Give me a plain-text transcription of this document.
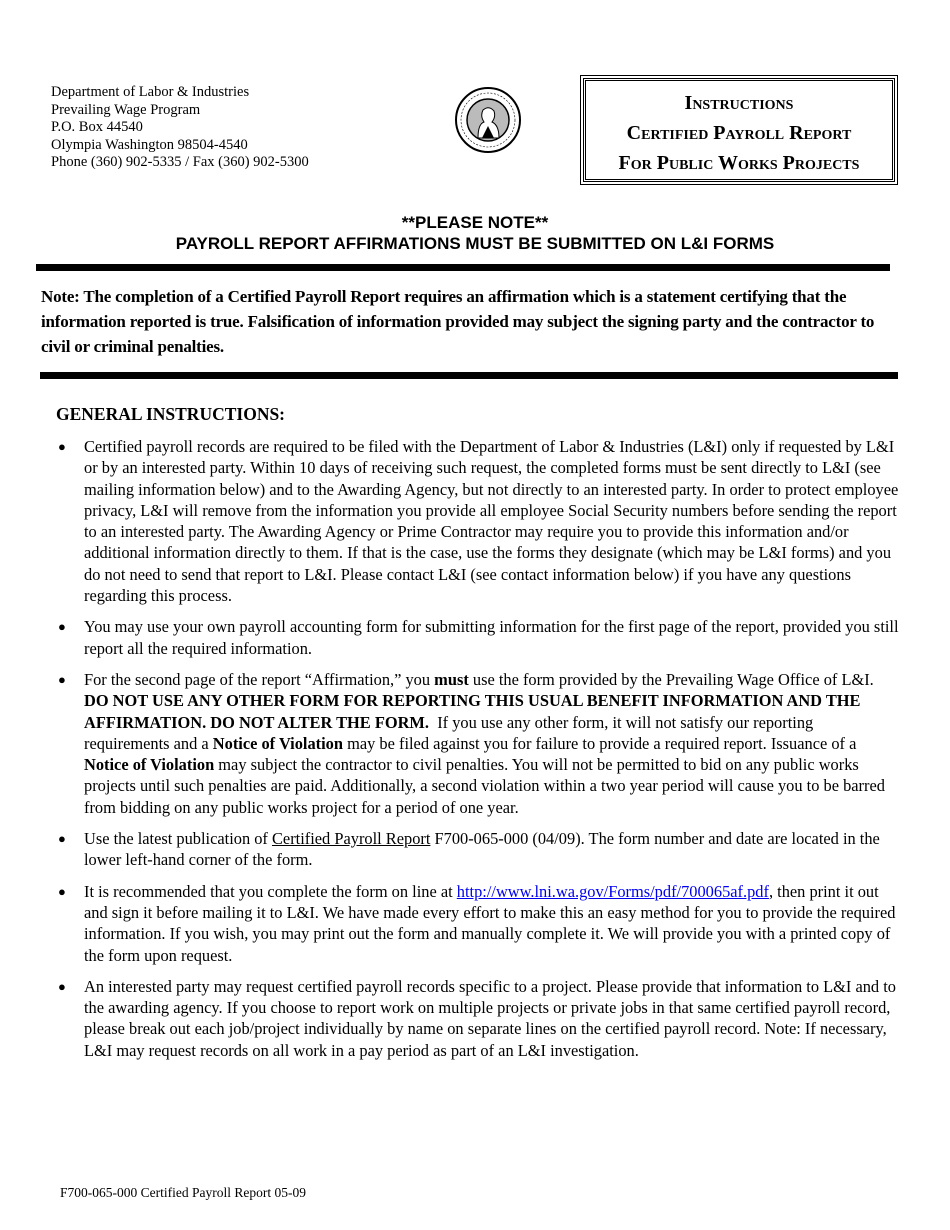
Department of Labor & Industries
Prevailing Wage Program
P.O. Box 44540
Olympia Washington 98504-4540
Phone (360) 902-5335 / Fax (360) 902-5300
Instructions
Certified Payroll Report
For Public Works Projects
**PLEASE NOTE**
PAYROLL REPORT AFFIRMATIONS MUST BE SUBMITTED ON L&I FORMS
Note: The completion of a Certified Payroll Report requires an affirmation which is a statement certifying that the information reported is true. Falsification of information provided may subject the signing party and the contractor to civil or criminal penalties.
GENERAL INSTRUCTIONS:
● Certified payroll records are required to be filed with the Department of Labor & Industries (L&I) only if requested by L&I or by an interested party. Within 10 days of receiving such request, the completed forms must be sent directly to L&I (see mailing information below) and to the Awarding Agency, but not directly to an interested party. In order to protect employee privacy, L&I will remove from the information you provide all employee Social Security numbers before sending the report to an interested party. The Awarding Agency or Prime Contractor may require you to provide this information and/or additional information directly to them. If that is the case, use the forms they designate (which may be L&I forms) and you do not need to send that report to L&I. Please contact L&I (see contact information below) if you have any questions regarding this process.
● You may use your own payroll accounting form for submitting information for the first page of the report, provided you still report all the required information.
● For the second page of the report “Affirmation,” you must use the form provided by the Prevailing Wage Office of L&I. DO NOT USE ANY OTHER FORM FOR REPORTING THIS USUAL BENEFIT INFORMATION AND THE AFFIRMATION. DO NOT ALTER THE FORM.  If you use any other form, it will not satisfy our reporting requirements and a Notice of Violation may be filed against you for failure to provide a required report. Issuance of a Notice of Violation may subject the contractor to civil penalties. You will not be permitted to bid on any public works projects until such penalties are paid. Additionally, a second violation within a two year period will cause you to be barred from bidding on any public works project for a period of one year.
● Use the latest publication of Certified Payroll Report F700-065-000 (04/09). The form number and date are located in the lower left-hand corner of the form.
● It is recommended that you complete the form on line at http://www.lni.wa.gov/Forms/pdf/700065af.pdf, then print it out and sign it before mailing it to L&I. We have made every effort to make this an easy method for you to provide the required information. If you wish, you may print out the form and manually complete it. We will provide you with a printed copy of the form upon request.
● An interested party may request certified payroll records specific to a project. Please provide that information to L&I and to the awarding agency. If you choose to report work on multiple projects or private jobs in that same certified payroll record, please break out each job/project individually by name on separate lines on the certified payroll record. Note: If necessary, L&I may request records on all work in a pay period as part of an L&I investigation.
F700-065-000 Certified Payroll Report 05-09
